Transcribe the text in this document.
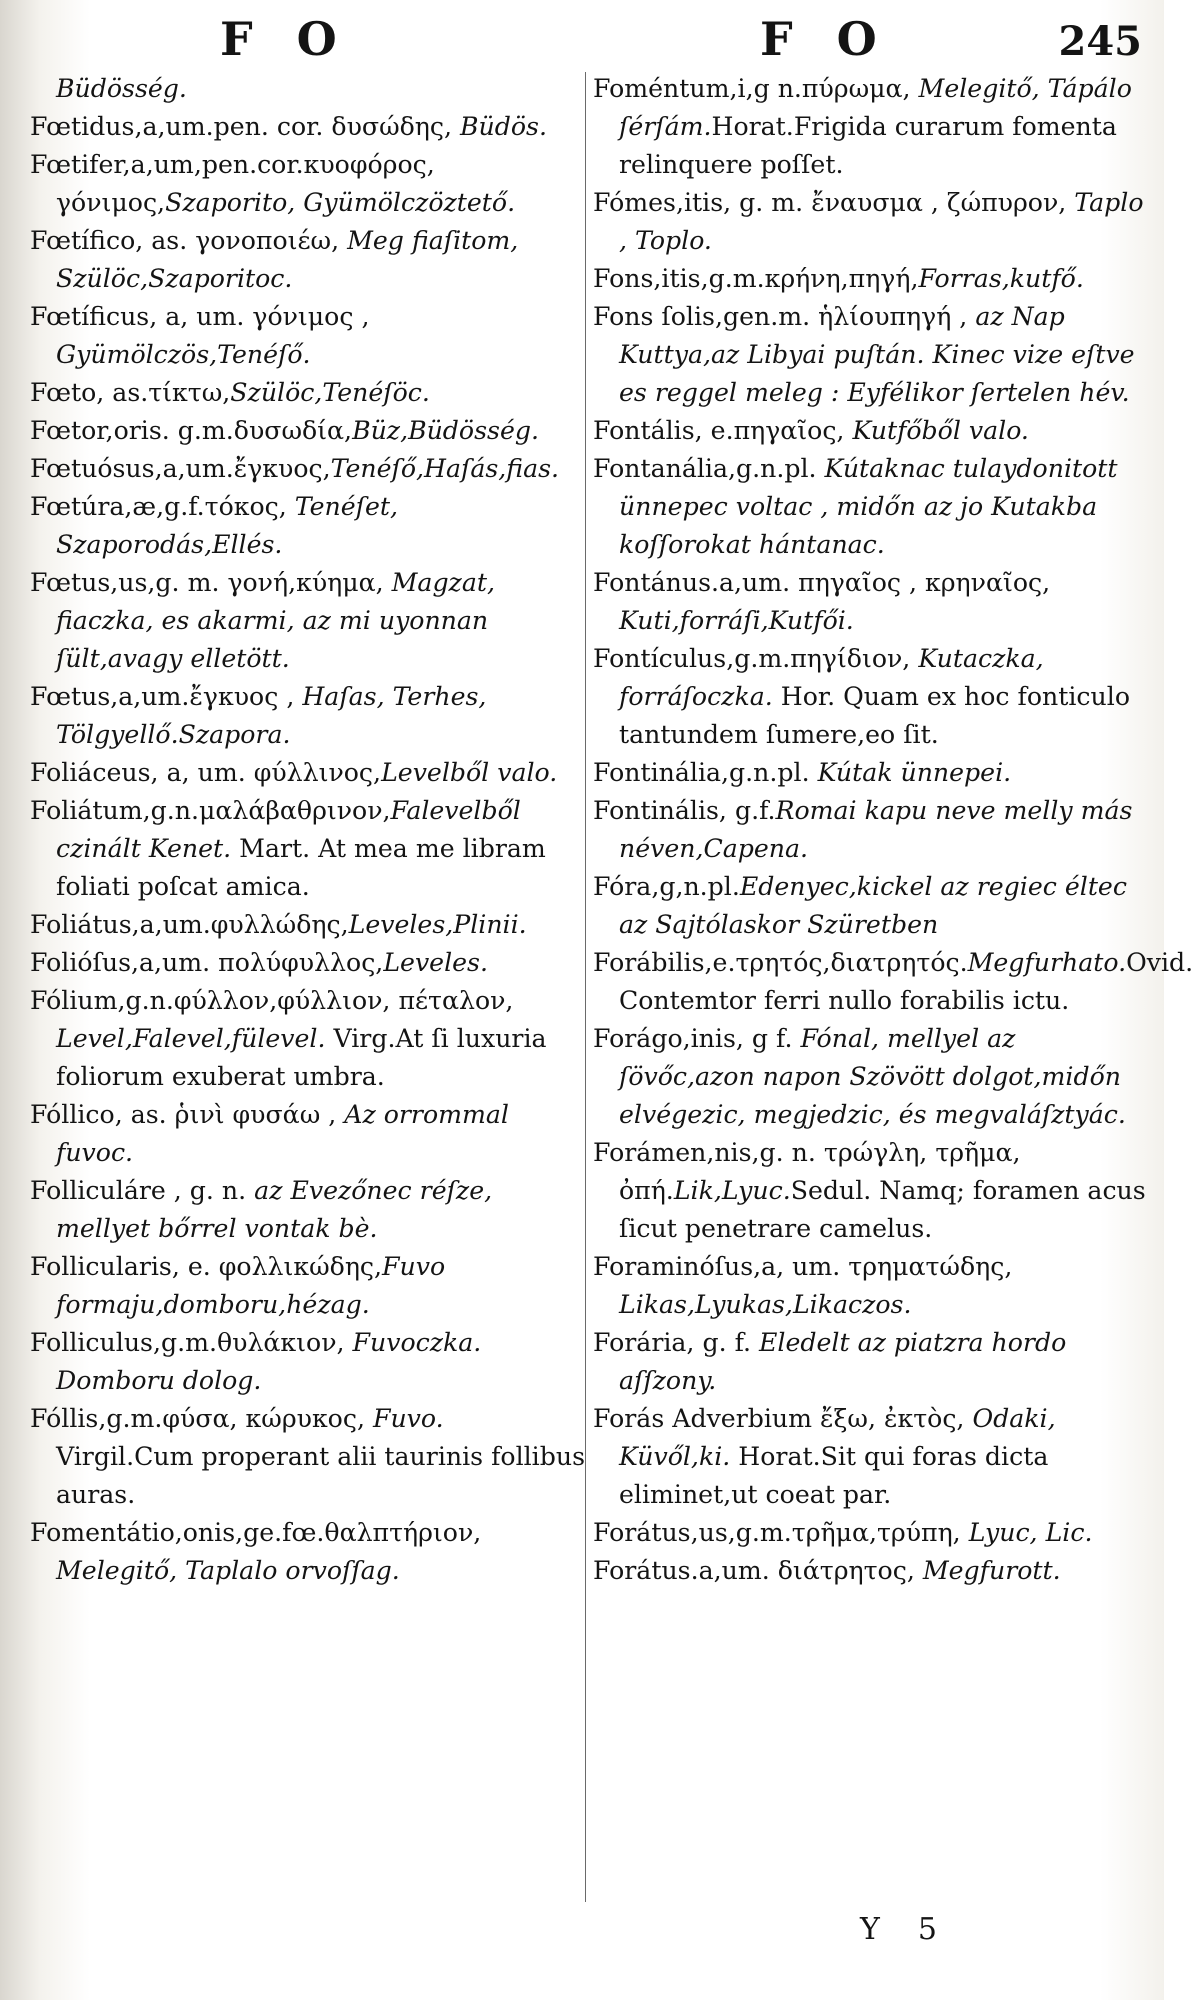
F O	F O	245

Büdösség.

Fœtidus,a,um.pen. cor. δυσώδης, Büdös.

Fœtifer,a,um,pen.cor.κυοφόρος, γόνιμος,Szaporito, Gyümölczöztető.

Fœtífico, as. γονοποιέω, Meg fiaſitom, Szülöc,Szaporitoc.

Fœtíficus, a, um. γόνιμος , Gyümölczös,Tenéſő.

Fœto, as.τίκτω,Szülöc,Tenéſöc.

Fœtor,oris. g.m.δυσωδία,Büz,Büdösség.

Fœtuósus,a,um.ἔγκυος,Tenéſő,Haſás,fias.

Fœtúra,æ,g.f.τόκος, Tenéſet, Szaporodás,Ellés.

Fœtus,us,g. m. γονή,κύημα, Magzat, fiaczka, es akarmi, az mi uyonnan ſült,avagy elletött.

Fœtus,a,um.ἔγκυος , Haſas, Terhes, Tölgyellő.Szapora.

Foliáceus, a, um. φύλλινος,Levelből valo.

Foliátum,g.n.μαλάβαθρινον,Falevelből czinált Kenet. Mart. At mea me libram foliati poſcat amica.

Foliátus,a,um.φυλλώδης,Leveles,Plinii.

Folióſus,a,um. πολύφυλλος,Leveles.

Fólium,g.n.φύλλον,φύλλιον, πέταλον, Level,Falevel,fülevel. Virg.At ſi luxuria foliorum exuberat umbra.

Fóllico, as. ῥινὶ φυσάω , Az orrommal fuvoc.

Folliculáre , g. n. az Evezőnec réſze, mellyet bőrrel vontak bè.

Follicularis, e. φολλικώδης,Fuvo formaju,domboru,hézag.

Folliculus,g.m.θυλάκιον, Fuvoczka. Domboru dolog.

Fóllis,g.m.φύσα, κώρυκος, Fuvo. Virgil.Cum properant alii taurinis follibus auras.

Fomentátio,onis,ge.fœ.θαλπτήριον, Melegitő, Taplalo orvoſſag.

Foméntum,i,g n.πύρωμα, Melegitő, Tápálo ſérſám.Horat.Frigida curarum fomenta relinquere poſſet.

Fómes,itis, g. m. ἔναυσμα , ζώπυρον, Taplo , Toplo.

Fons,itis,g.m.κρήνη,πηγή,Forras,kutfő.

Fons ſolis,gen.m. ἡλίουπηγή , az Nap Kuttya,az Libyai puſtán. Kinec vize eſtve es reggel meleg : Eyfélikor ſertelen hév.

Fontális, e.πηγαῖος, Kutfőből valo.

Fontanália,g.n.pl. Kútaknac tulaydonitott ünnepec voltac , midőn az jo Kutakba koſſorokat hántanac.

Fontánus.a,um. πηγαῖος , κρηναῖος, Kuti,forráſi,Kutfői.

Fontículus,g.m.πηγίδιον, Kutaczka, forráſoczka. Hor. Quam ex hoc fonticulo tantundem ſumere,eo ſit.

Fontinália,g.n.pl. Kútak ünnepei.

Fontinális, g.f.Romai kapu neve melly más néven,Capena.

Fóra,g,n.pl.Edenyec,kickel az regiec éltec az Sajtólaskor Szüretben

Forábilis,e.τρητός,διατρητός.Megfurhato.Ovid. Contemtor ferri nullo forabilis ictu.

Forágo,inis, g f. Fónal, mellyel az ſövőc,azon napon Szövött dolgot,midőn elvégezic, megjedzic, és megvaláſztyác.

Forámen,nis,g. n. τρώγλη, τρῆμα, ὀπή.Lik,Lyuc.Sedul. Namq; foramen acus ſicut penetrare camelus.

Foraminóſus,a, um. τρηματώδης, Likas,Lyukas,Likaczos.

Forária, g. f. Eledelt az piatzra hordo aſſzony.

Forás Adverbium ἔξω, ἐκτὸς, Odaki, Küvől,ki. Horat.Sit qui foras dicta eliminet,ut coeat par.

Forátus,us,g.m.τρῆμα,τρύπη, Lyuc, Lic.

Forátus.a,um. διάτρητος, Megfurott.

Y 5
